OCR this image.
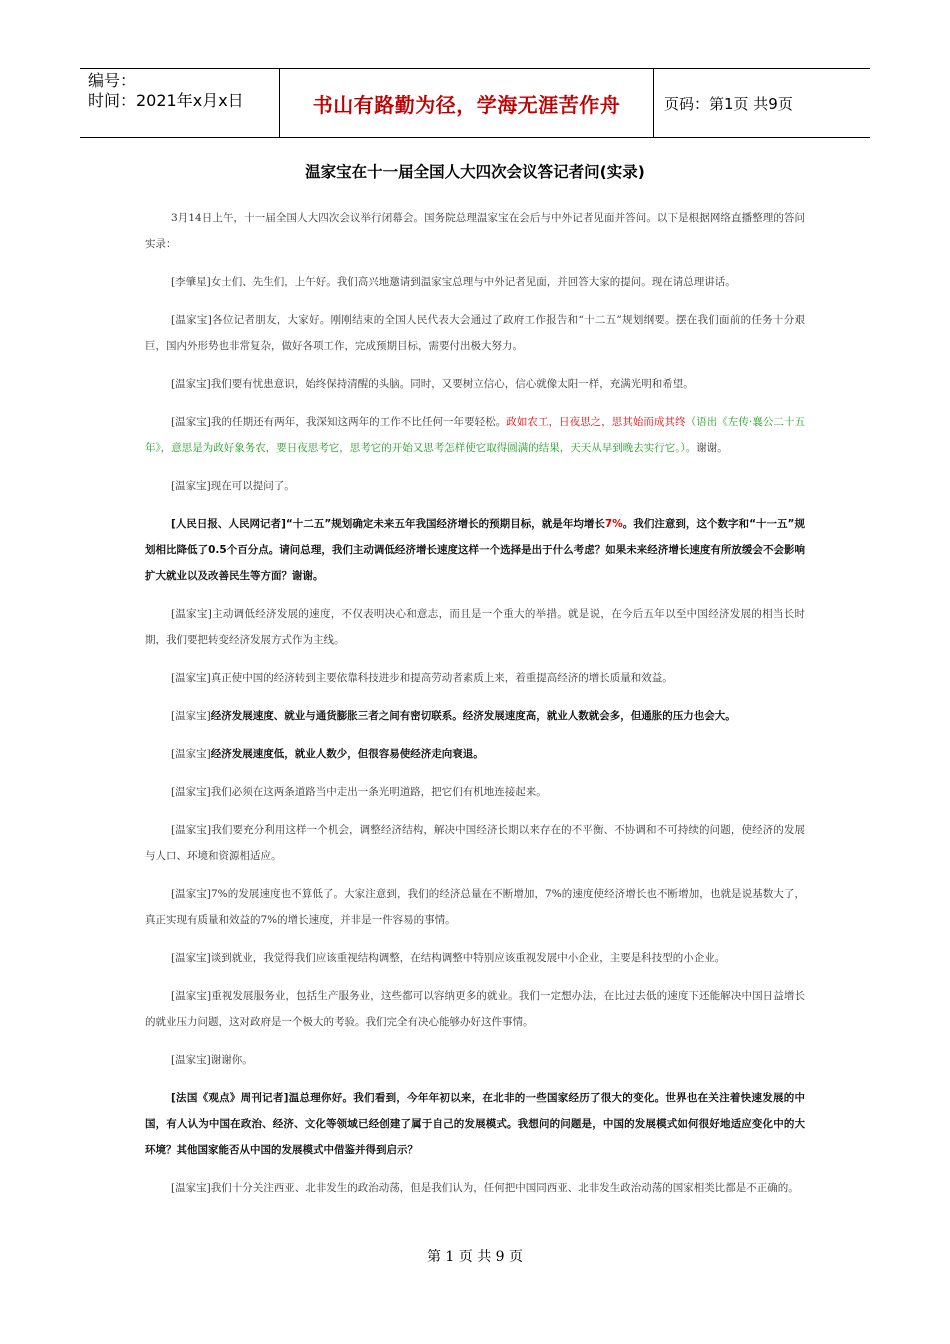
编号：
时间：2021年x月x日	书山有路勤为径，学海无涯苦作舟	页码：第1页 共9页
温家宝在十一届全国人大四次会议答记者问(实录)

3月14日上午，十一届全国人大四次会议举行闭幕会。国务院总理温家宝在会后与中外记者见面并答问。以下是根据网络直播整理的答问实录：

[李肇星]女士们、先生们，上午好。我们高兴地邀请到温家宝总理与中外记者见面，并回答大家的提问。现在请总理讲话。

[温家宝]各位记者朋友，大家好。刚刚结束的全国人民代表大会通过了政府工作报告和“十二五”规划纲要。摆在我们面前的任务十分艰巨，国内外形势也非常复杂，做好各项工作，完成预期目标，需要付出极大努力。

[温家宝]我们要有忧患意识，始终保持清醒的头脑。同时，又要树立信心，信心就像太阳一样，充满光明和希望。

[温家宝]我的任期还有两年，我深知这两年的工作不比任何一年要轻松。政如农工，日夜思之，思其始而成其终（语出《左传·襄公二十五年》，意思是为政好象务农，要日夜思考它，思考它的开始又思考怎样使它取得圆满的结果，天天从早到晚去实行它。）。谢谢。

[温家宝]现在可以提问了。

[人民日报、人民网记者]“十二五”规划确定未来五年我国经济增长的预期目标，就是年均增长7%。我们注意到，这个数字和“十一五”规划相比降低了0.5个百分点。请问总理，我们主动调低经济增长速度这样一个选择是出于什么考虑？如果未来经济增长速度有所放缓会不会影响扩大就业以及改善民生等方面？谢谢。

[温家宝]主动调低经济发展的速度，不仅表明决心和意志，而且是一个重大的举措。就是说，在今后五年以至中国经济发展的相当长时期，我们要把转变经济发展方式作为主线。

[温家宝]真正使中国的经济转到主要依靠科技进步和提高劳动者素质上来，着重提高经济的增长质量和效益。

[温家宝]经济发展速度、就业与通货膨胀三者之间有密切联系。经济发展速度高，就业人数就会多，但通胀的压力也会大。

[温家宝]经济发展速度低，就业人数少，但很容易使经济走向衰退。

[温家宝]我们必须在这两条道路当中走出一条光明道路，把它们有机地连接起来。

[温家宝]我们要充分利用这样一个机会，调整经济结构，解决中国经济长期以来存在的不平衡、不协调和不可持续的问题，使经济的发展与人口、环境和资源相适应。

[温家宝]7%的发展速度也不算低了。大家注意到，我们的经济总量在不断增加，7%的速度使经济增长也不断增加，也就是说基数大了，真正实现有质量和效益的7%的增长速度，并非是一件容易的事情。

[温家宝]谈到就业，我觉得我们应该重视结构调整，在结构调整中特别应该重视发展中小企业，主要是科技型的小企业。

[温家宝]重视发展服务业，包括生产服务业，这些都可以容纳更多的就业。我们一定想办法，在比过去低的速度下还能解决中国日益增长的就业压力问题，这对政府是一个极大的考验。我们完全有决心能够办好这件事情。

[温家宝]谢谢你。

[法国《观点》周刊记者]温总理你好。我们看到，今年年初以来，在北非的一些国家经历了很大的变化。世界也在关注着快速发展的中国，有人认为中国在政治、经济、文化等领域已经创建了属于自己的发展模式。我想问的问题是，中国的发展模式如何很好地适应变化中的大环境？其他国家能否从中国的发展模式中借鉴并得到启示？

[温家宝]我们十分关注西亚、北非发生的政治动荡，但是我们认为，任何把中国同西亚、北非发生政治动荡的国家相类比都是不正确的。

第 1 页 共 9 页
